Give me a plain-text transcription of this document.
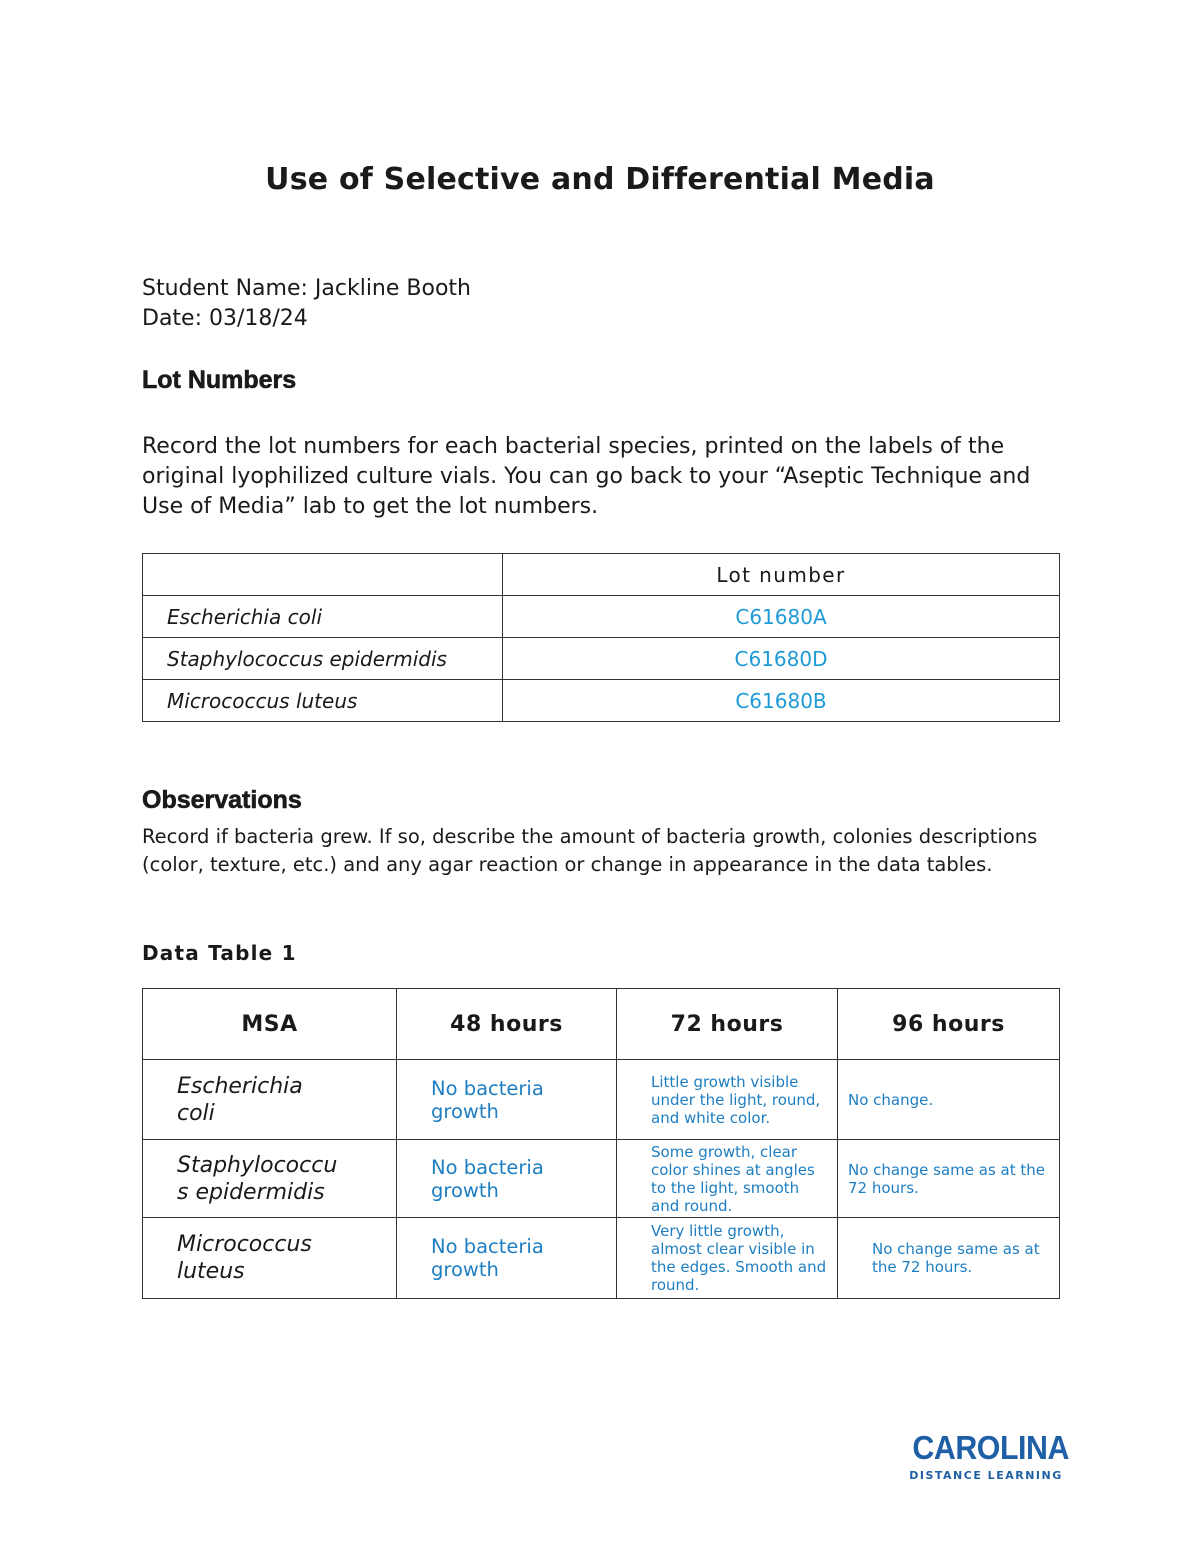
Use of Selective and Differential Media
Student Name: Jackline Booth
Date: 03/18/24
Lot Numbers
Record the lot numbers for each bacterial species, printed on the labels of the original lyophilized culture vials. You can go back to your “Aseptic Technique and Use of Media” lab to get the lot numbers.
	Lot number
Escherichia coli	C61680A
Staphylococcus epidermidis	C61680D
Micrococcus luteus	C61680B
Observations
Record if bacteria grew. If so, describe the amount of bacteria growth, colonies descriptions (color, texture, etc.) and any agar reaction or change in appearance in the data tables.
Data Table 1
MSA	48 hours	72 hours	96 hours

Escherichia
coli	No bacteria growth	Little growth visible under the light, round, and white color.	No change.

Staphylococcu
s epidermidis	No bacteria growth	Some growth, clear color shines at angles to the light, smooth and round.	No change same as at the 72 hours.

Micrococcus
luteus	No bacteria growth	Very little growth, almost clear visible in the edges. Smooth and round.	No change same as at the 72 hours.
CAROLINA
DISTANCE LEARNING
